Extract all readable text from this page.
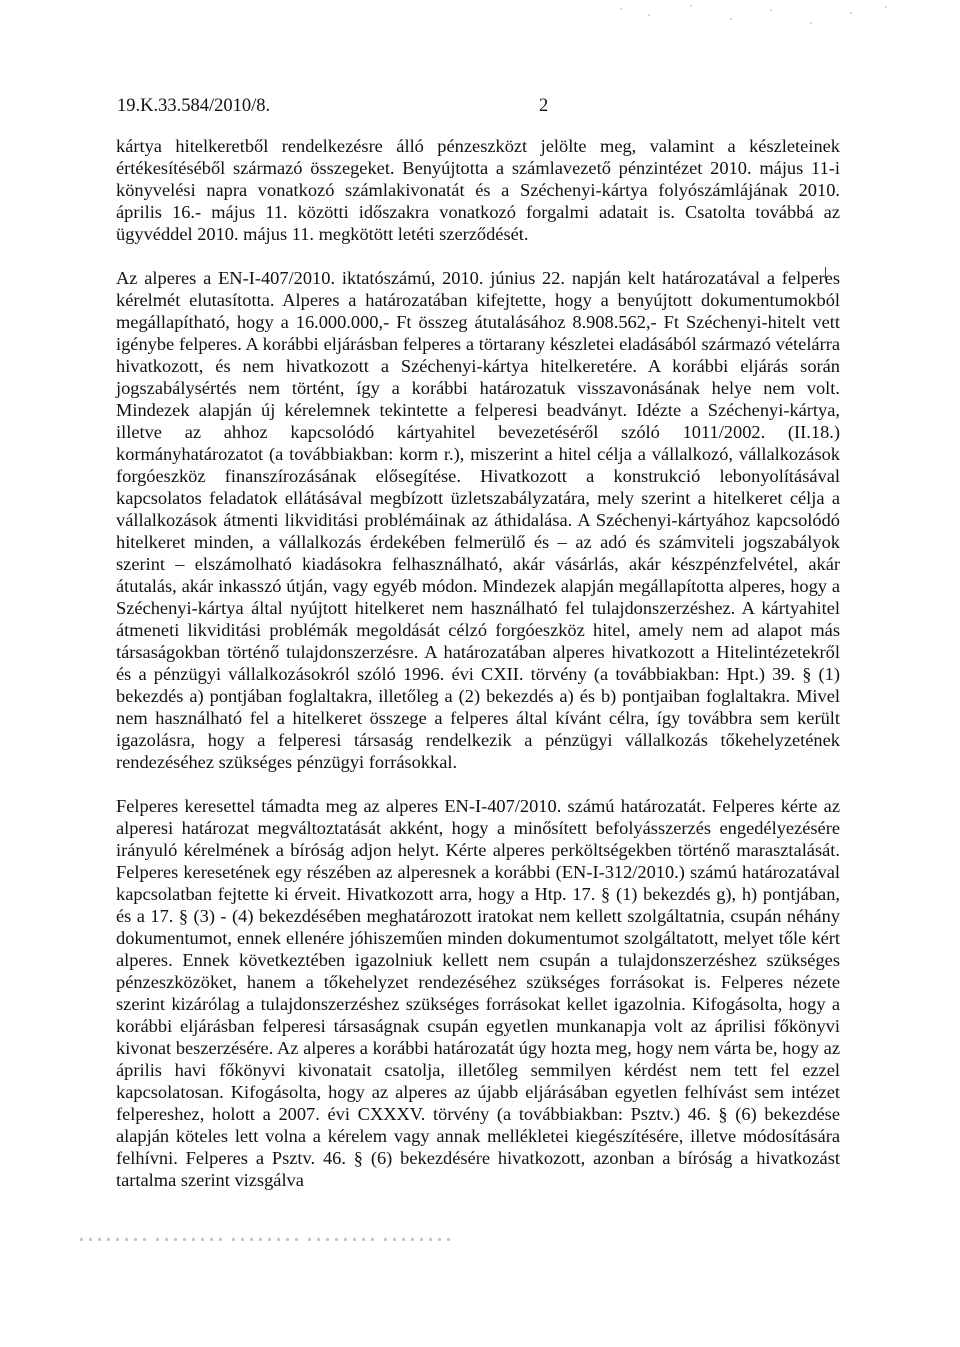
19.K.33.584/2010/8.	2

kártya hitelkeretből rendelkezésre álló pénzeszközt jelölte meg, valamint a készleteinek értékesítéséből származó összegeket. Benyújtotta a számlavezető pénzintézet 2010. május 11-i könyvelési napra vonatkozó számlakivonatát és a Széchenyi-kártya folyószámlájának 2010. április 16.- május 11. közötti időszakra vonatkozó forgalmi adatait is. Csatolta továbbá az ügyvéddel 2010. május 11. megkötött letéti szerződését.

Az alperes a EN-I-407/2010. iktatószámú, 2010. június 22. napján kelt határozatával a felperes kérelmét elutasította. Alperes a határozatában kifejtette, hogy a benyújtott dokumentumokból megállapítható, hogy a 16.000.000,- Ft összeg átutalásához 8.908.562,- Ft Széchenyi-hitelt vett igénybe felperes. A korábbi eljárásban felperes a törtarany készletei eladásából származó vételárra hivatkozott, és nem hivatkozott a Széchenyi-kártya hitelkeretére. A korábbi eljárás során jogszabálysértés nem történt, így a korábbi határozatuk visszavonásának helye nem volt. Mindezek alapján új kérelemnek tekintette a felperesi beadványt. Idézte a Széchenyi-kártya, illetve az ahhoz kapcsolódó kártyahitel bevezetéséről szóló 1011/2002. (II.18.) kormányhatározatot (a továbbiakban: korm r.), miszerint a hitel célja a vállalkozó, vállalkozások forgóeszköz finanszírozásának elősegítése. Hivatkozott a konstrukció lebonyolításával kapcsolatos feladatok ellátásával megbízott üzletszabályzatára, mely szerint a hitelkeret célja a vállalkozások átmenti likviditási problémáinak az áthidalása. A Széchenyi-kártyához kapcsolódó hitelkeret minden, a vállalkozás érdekében felmerülő és – az adó és számviteli jogszabályok szerint – elszámolható kiadásokra felhasználható, akár vásárlás, akár készpénzfelvétel, akár átutalás, akár inkasszó útján, vagy egyéb módon. Mindezek alapján megállapította alperes, hogy a Széchenyi-kártya által nyújtott hitelkeret nem használható fel tulajdonszerzéshez. A kártyahitel átmeneti likviditási problémák megoldását célzó forgóeszköz hitel, amely nem ad alapot más társaságokban történő tulajdonszerzésre. A határozatában alperes hivatkozott a Hitelintézetekről és a pénzügyi vállalkozásokról szóló 1996. évi CXII. törvény (a továbbiakban: Hpt.) 39. § (1) bekezdés a) pontjában foglaltakra, illetőleg a (2) bekezdés a) és b) pontjaiban foglaltakra. Mivel nem használható fel a hitelkeret összege a felperes által kívánt célra, így továbbra sem került igazolásra, hogy a felperesi társaság rendelkezik a pénzügyi vállalkozás tőkehelyzetének rendezéséhez szükséges pénzügyi forrásokkal.

Felperes keresettel támadta meg az alperes EN-I-407/2010. számú határozatát. Felperes kérte az alperesi határozat megváltoztatását akként, hogy a minősített befolyásszerzés engedélyezésére irányuló kérelmének a bíróság adjon helyt. Kérte alperes perköltségekben történő marasztalását. Felperes keresetének egy részében az alperesnek a korábbi (EN-I-312/2010.) számú határozatával kapcsolatban fejtette ki érveit. Hivatkozott arra, hogy a Htp. 17. § (1) bekezdés g), h) pontjában, és a 17. § (3) - (4) bekezdésében meghatározott iratokat nem kellett szolgáltatnia, csupán néhány dokumentumot, ennek ellenére jóhiszeműen minden dokumentumot szolgáltatott, melyet tőle kért alperes. Ennek következtében igazolniuk kellett nem csupán a tulajdonszerzéshez szükséges pénzeszközöket, hanem a tőkehelyzet rendezéséhez szükséges forrásokat is. Felperes nézete szerint kizárólag a tulajdonszerzéshez szükséges forrásokat kellet igazolnia. Kifogásolta, hogy a korábbi eljárásban felperesi társaságnak csupán egyetlen munkanapja volt az áprilisi főkönyvi kivonat beszerzésére. Az alperes a korábbi határozatát úgy hozta meg, hogy nem várta be, hogy az április havi főkönyvi kivonatait csatolja, illetőleg semmilyen kérdést nem tett fel ezzel kapcsolatosan. Kifogásolta, hogy az alperes az újabb eljárásában egyetlen felhívást sem intézet felpereshez, holott a 2007. évi CXXXV. törvény (a továbbiakban: Psztv.) 46. § (6) bekezdése alapján köteles lett volna a kérelem vagy annak mellékletei kiegészítésére, illetve módosítására felhívni. Felperes a Psztv. 46. § (6) bekezdésére hivatkozott, azonban a bíróság a hivatkozást tartalma szerint vizsgálva
